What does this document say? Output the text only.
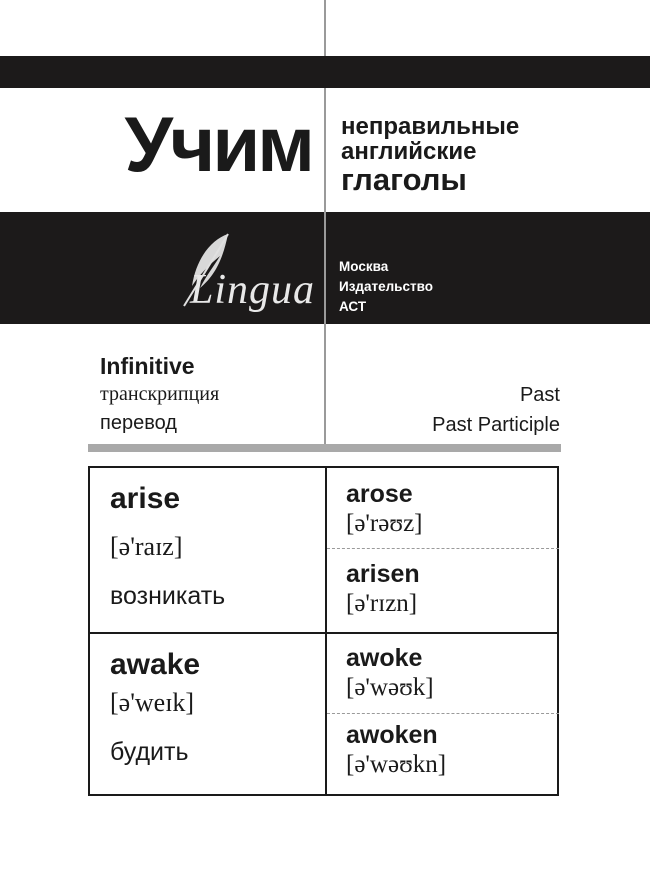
Учим неправильные
английские
глаголы
Lingua
Москва
Издательство
АСТ
Infinitive
транскрипция
перевод
Past
Past Participle
arise
[ə'raɪz]
возникать
arose
[ə'rəʊz]
arisen
[ə'rɪzn]
awake
[ə'weɪk]
будить
awoke
[ə'wəʊk]
awoken
[ə'wəʊkn]
